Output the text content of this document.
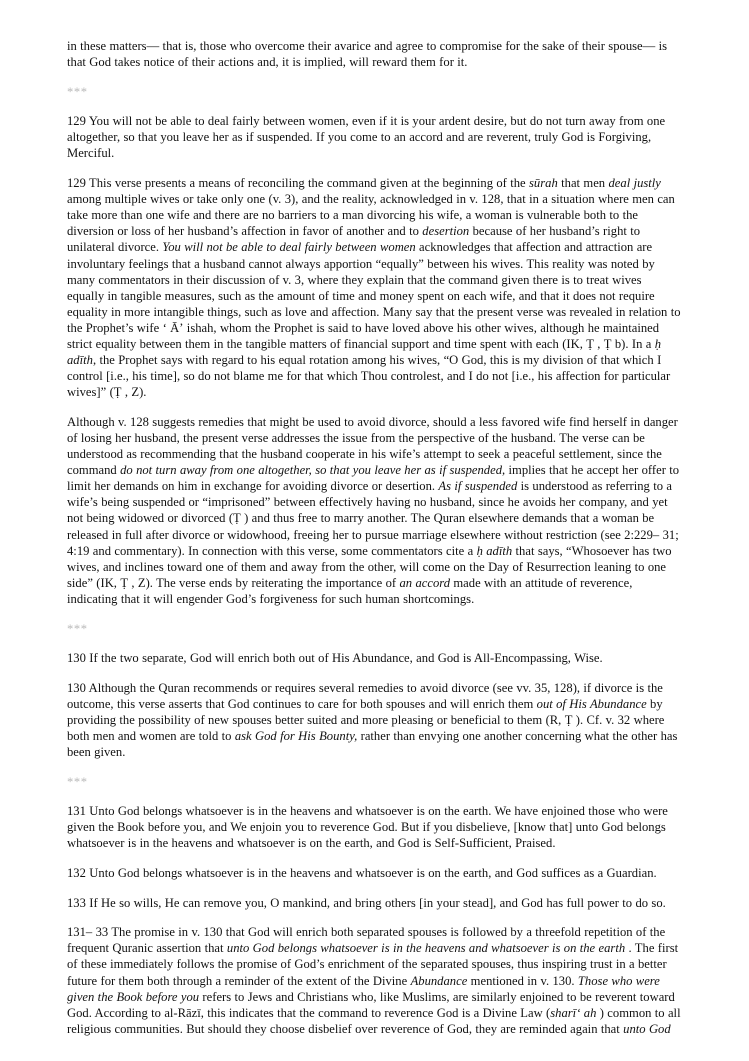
in these matters— that is, those who overcome their avarice and agree to compromise for the sake of their spouse— is that God takes notice of their actions and, it is implied, will reward them for it.

***

129 You will not be able to deal fairly between women, even if it is your ardent desire, but do not turn away from one altogether, so that you leave her as if suspended. If you come to an accord and are reverent, truly God is Forgiving, Merciful.

129 This verse presents a means of reconciling the command given at the beginning of the sūrah that men deal justly among multiple wives or take only one (v. 3), and the reality, acknowledged in v. 128, that in a situation where men can take more than one wife and there are no barriers to a man divorcing his wife, a woman is vulnerable both to the diversion or loss of her husband’s affection in favor of another and to desertion because of her husband’s right to unilateral divorce. You will not be able to deal fairly between women acknowledges that affection and attraction are involuntary feelings that a husband cannot always apportion “equally” between his wives. This reality was noted by many commentators in their discussion of v. 3, where they explain that the command given there is to treat wives equally in tangible measures, such as the amount of time and money spent on each wife, and that it does not require equality in more intangible things, such as love and affection. Many say that the present verse was revealed in relation to the Prophet’s wife ʻ Āʼ ishah, whom the Prophet is said to have loved above his other wives, although he maintained strict equality between them in the tangible matters of financial support and time spent with each (IK, Ṭ , Ṭ b). In a ḥ adīth, the Prophet says with regard to his equal rotation among his wives, “O God, this is my division of that which I control [i.e., his time], so do not blame me for that which Thou controlest, and I do not [i.e., his affection for particular wives]” (Ṭ , Z).

Although v. 128 suggests remedies that might be used to avoid divorce, should a less favored wife find herself in danger of losing her husband, the present verse addresses the issue from the perspective of the husband. The verse can be understood as recommending that the husband cooperate in his wife’s attempt to seek a peaceful settlement, since the command do not turn away from one altogether, so that you leave her as if suspended, implies that he accept her offer to limit her demands on him in exchange for avoiding divorce or desertion. As if suspended is understood as referring to a wife’s being suspended or “imprisoned” between effectively having no husband, since he avoids her company, and yet not being widowed or divorced (Ṭ ) and thus free to marry another. The Quran elsewhere demands that a woman be released in full after divorce or widowhood, freeing her to pursue marriage elsewhere without restriction (see 2:229– 31; 4:19 and commentary). In connection with this verse, some commentators cite a ḥ adīth that says, “Whosoever has two wives, and inclines toward one of them and away from the other, will come on the Day of Resurrection leaning to one side” (IK, Ṭ , Z). The verse ends by reiterating the importance of an accord made with an attitude of reverence, indicating that it will engender God’s forgiveness for such human shortcomings.

***

130 If the two separate, God will enrich both out of His Abundance, and God is All-Encompassing, Wise.

130 Although the Quran recommends or requires several remedies to avoid divorce (see vv. 35, 128), if divorce is the outcome, this verse asserts that God continues to care for both spouses and will enrich them out of His Abundance by providing the possibility of new spouses better suited and more pleasing or beneficial to them (R, Ṭ ). Cf. v. 32 where both men and women are told to ask God for His Bounty, rather than envying one another concerning what the other has been given.

***

131 Unto God belongs whatsoever is in the heavens and whatsoever is on the earth. We have enjoined those who were given the Book before you, and We enjoin you to reverence God. But if you disbelieve, [know that] unto God belongs whatsoever is in the heavens and whatsoever is on the earth, and God is Self-Sufficient, Praised.

132 Unto God belongs whatsoever is in the heavens and whatsoever is on the earth, and God suffices as a Guardian.

133 If He so wills, He can remove you, O mankind, and bring others [in your stead], and God has full power to do so.

131– 33 The promise in v. 130 that God will enrich both separated spouses is followed by a threefold repetition of the frequent Quranic assertion that unto God belongs whatsoever is in the heavens and whatsoever is on the earth . The first of these immediately follows the promise of God’s enrichment of the separated spouses, thus inspiring trust in a better future for them both through a reminder of the extent of the Divine Abundance mentioned in v. 130. Those who were given the Book before you refers to Jews and Christians who, like Muslims, are similarly enjoined to be reverent toward God. According to al-Rāzī, this indicates that the command to reverence God is a Divine Law (sharīʻ ah ) common to all religious communities. But should they choose disbelief over reverence of God, they are reminded again that unto God
